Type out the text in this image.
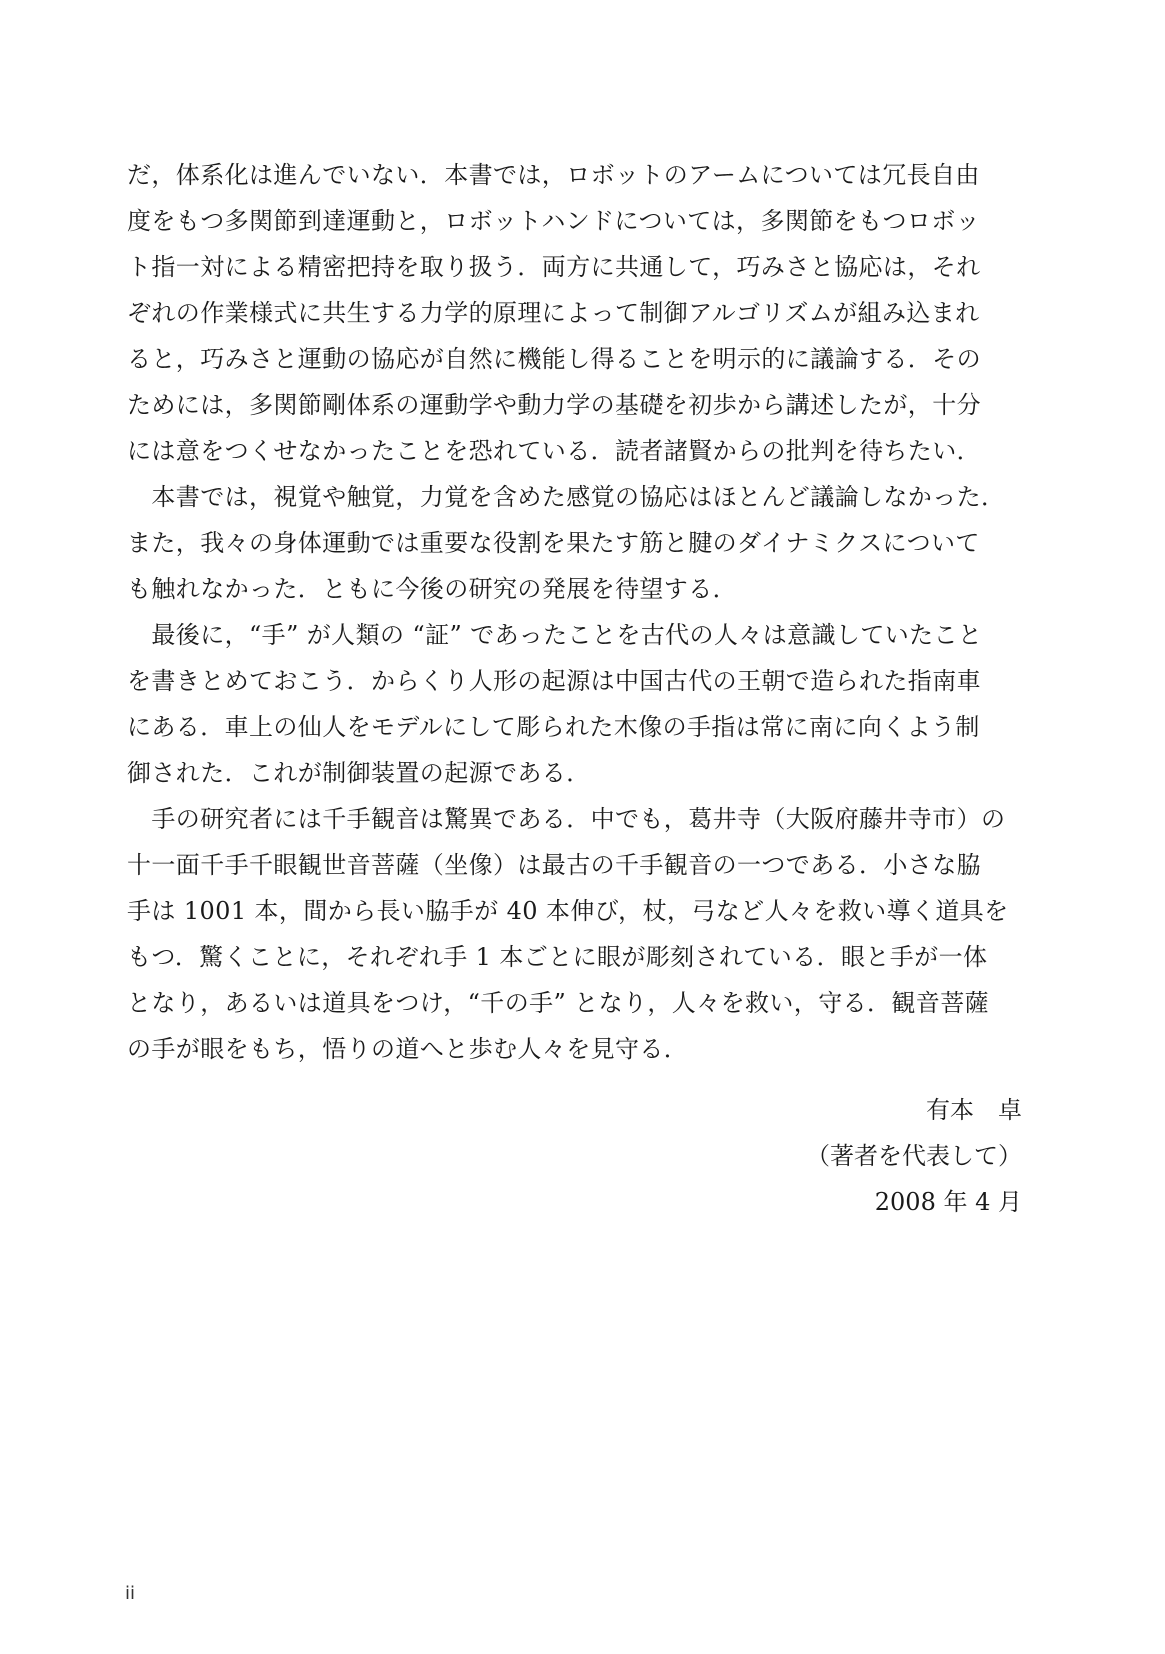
だ，体系化は進んでいない．本書では，ロボットのアームについては冗長自由
度をもつ多関節到達運動と，ロボットハンドについては，多関節をもつロボッ
ト指一対による精密把持を取り扱う．両方に共通して，巧みさと協応は，それ
ぞれの作業様式に共生する力学的原理によって制御アルゴリズムが組み込まれ
ると，巧みさと運動の協応が自然に機能し得ることを明示的に議論する．その
ためには，多関節剛体系の運動学や動力学の基礎を初歩から講述したが，十分
には意をつくせなかったことを恐れている．読者諸賢からの批判を待ちたい．
　本書では，視覚や触覚，力覚を含めた感覚の協応はほとんど議論しなかった．
また，我々の身体運動では重要な役割を果たす筋と腱のダイナミクスについて
も触れなかった．ともに今後の研究の発展を待望する．
　最後に，“手” が人類の “証” であったことを古代の人々は意識していたこと
を書きとめておこう．からくり人形の起源は中国古代の王朝で造られた指南車
にある．車上の仙人をモデルにして彫られた木像の手指は常に南に向くよう制
御された．これが制御装置の起源である．
　手の研究者には千手観音は驚異である．中でも，葛井寺（大阪府藤井寺市）の
十一面千手千眼観世音菩薩（坐像）は最古の千手観音の一つである．小さな脇
手は 1001 本，間から長い脇手が 40 本伸び，杖，弓など人々を救い導く道具を
もつ．驚くことに，それぞれ手 1 本ごとに眼が彫刻されている．眼と手が一体
となり，あるいは道具をつけ，“千の手” となり，人々を救い，守る．観音菩薩
の手が眼をもち，悟りの道へと歩む人々を見守る．
有本　卓
（著者を代表して）
2008 年 4 月
ii
